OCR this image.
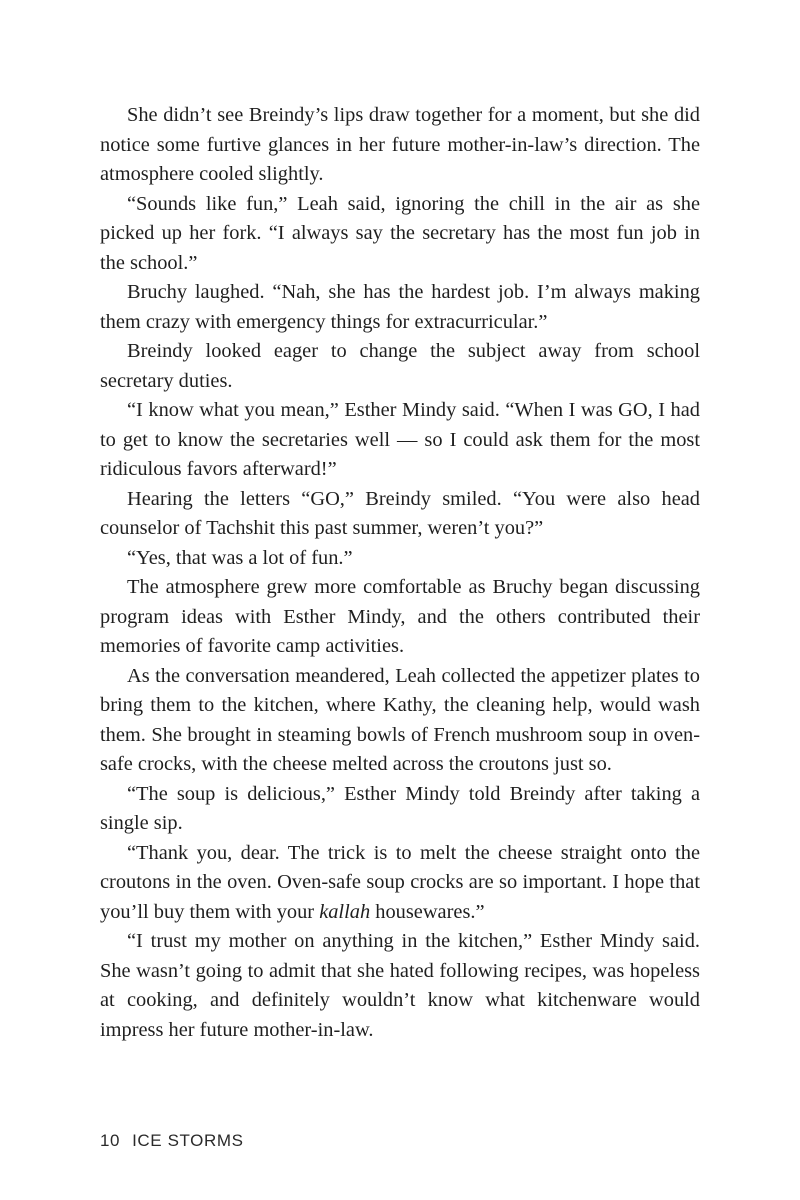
She didn’t see Breindy’s lips draw together for a moment, but she did notice some furtive glances in her future mother-in-law’s direction. The atmosphere cooled slightly.

“Sounds like fun,” Leah said, ignoring the chill in the air as she picked up her fork. “I always say the secretary has the most fun job in the school.”

Bruchy laughed. “Nah, she has the hardest job. I’m always making them crazy with emergency things for extracurricular.”

Breindy looked eager to change the subject away from school secretary duties.

“I know what you mean,” Esther Mindy said. “When I was GO, I had to get to know the secretaries well — so I could ask them for the most ridiculous favors afterward!”

Hearing the letters “GO,” Breindy smiled. “You were also head counselor of Tachshit this past summer, weren’t you?”

“Yes, that was a lot of fun.”

The atmosphere grew more comfortable as Bruchy began discussing program ideas with Esther Mindy, and the others contributed their memories of favorite camp activities.

As the conversation meandered, Leah collected the appetizer plates to bring them to the kitchen, where Kathy, the cleaning help, would wash them. She brought in steaming bowls of French mushroom soup in oven-safe crocks, with the cheese melted across the croutons just so.

“The soup is delicious,” Esther Mindy told Breindy after taking a single sip.

“Thank you, dear. The trick is to melt the cheese straight onto the croutons in the oven. Oven-safe soup crocks are so important. I hope that you’ll buy them with your kallah housewares.”

“I trust my mother on anything in the kitchen,” Esther Mindy said. She wasn’t going to admit that she hated following recipes, was hopeless at cooking, and definitely wouldn’t know what kitchenware would impress her future mother-in-law.

10 ICE STORMS
